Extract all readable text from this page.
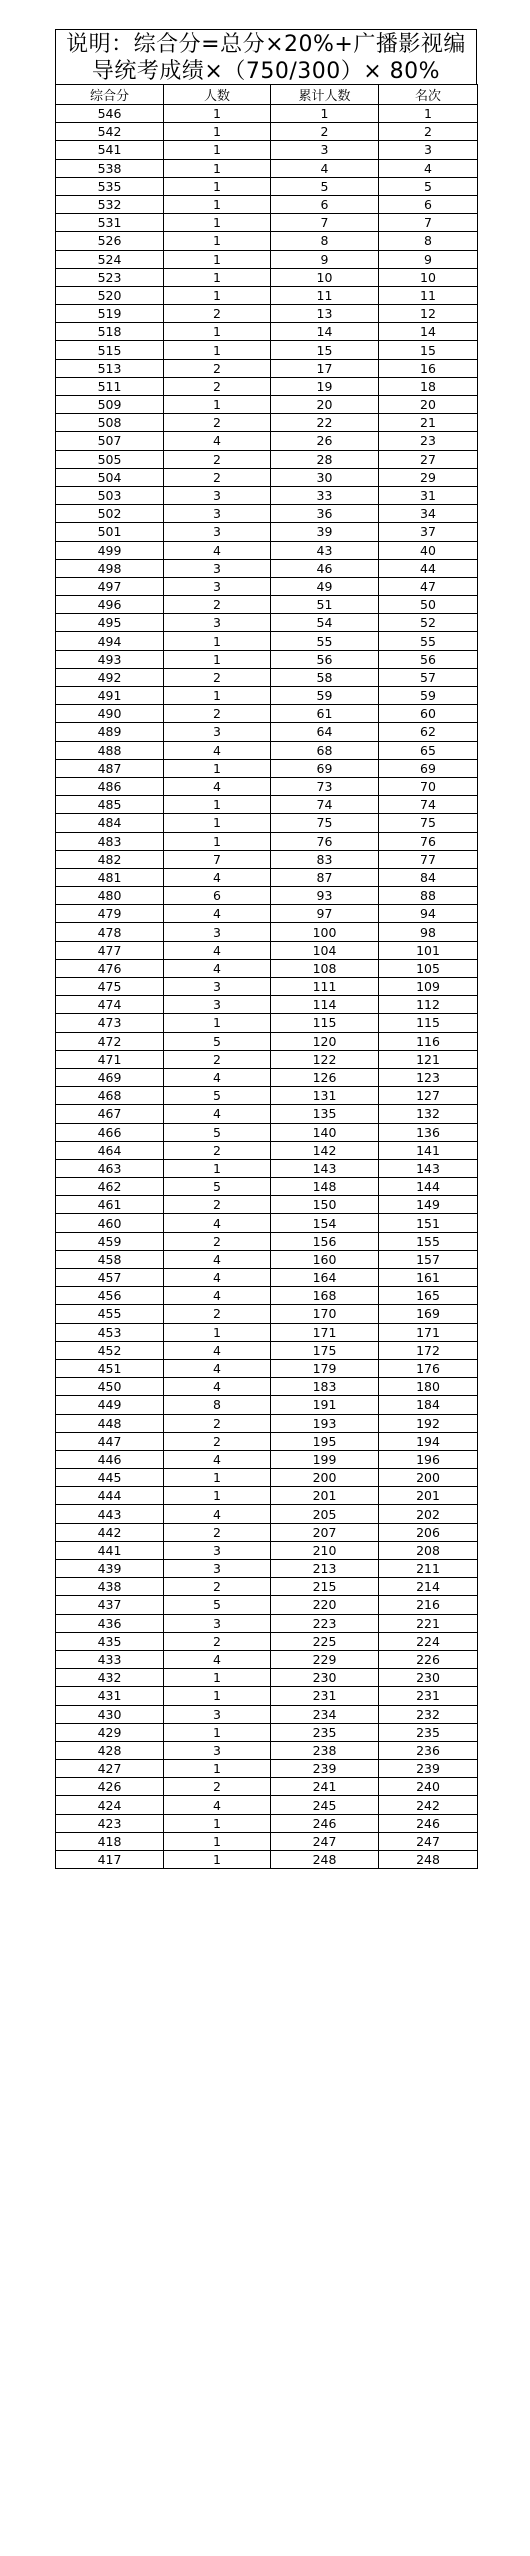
说明：综合分=总分×20%+广播影视编
导统考成绩×（750/300）× 80%
综合分	人数	累计人数	名次
546	1	1	1
542	1	2	2
541	1	3	3
538	1	4	4
535	1	5	5
532	1	6	6
531	1	7	7
526	1	8	8
524	1	9	9
523	1	10	10
520	1	11	11
519	2	13	12
518	1	14	14
515	1	15	15
513	2	17	16
511	2	19	18
509	1	20	20
508	2	22	21
507	4	26	23
505	2	28	27
504	2	30	29
503	3	33	31
502	3	36	34
501	3	39	37
499	4	43	40
498	3	46	44
497	3	49	47
496	2	51	50
495	3	54	52
494	1	55	55
493	1	56	56
492	2	58	57
491	1	59	59
490	2	61	60
489	3	64	62
488	4	68	65
487	1	69	69
486	4	73	70
485	1	74	74
484	1	75	75
483	1	76	76
482	7	83	77
481	4	87	84
480	6	93	88
479	4	97	94
478	3	100	98
477	4	104	101
476	4	108	105
475	3	111	109
474	3	114	112
473	1	115	115
472	5	120	116
471	2	122	121
469	4	126	123
468	5	131	127
467	4	135	132
466	5	140	136
464	2	142	141
463	1	143	143
462	5	148	144
461	2	150	149
460	4	154	151
459	2	156	155
458	4	160	157
457	4	164	161
456	4	168	165
455	2	170	169
453	1	171	171
452	4	175	172
451	4	179	176
450	4	183	180
449	8	191	184
448	2	193	192
447	2	195	194
446	4	199	196
445	1	200	200
444	1	201	201
443	4	205	202
442	2	207	206
441	3	210	208
439	3	213	211
438	2	215	214
437	5	220	216
436	3	223	221
435	2	225	224
433	4	229	226
432	1	230	230
431	1	231	231
430	3	234	232
429	1	235	235
428	3	238	236
427	1	239	239
426	2	241	240
424	4	245	242
423	1	246	246
418	1	247	247
417	1	248	248
